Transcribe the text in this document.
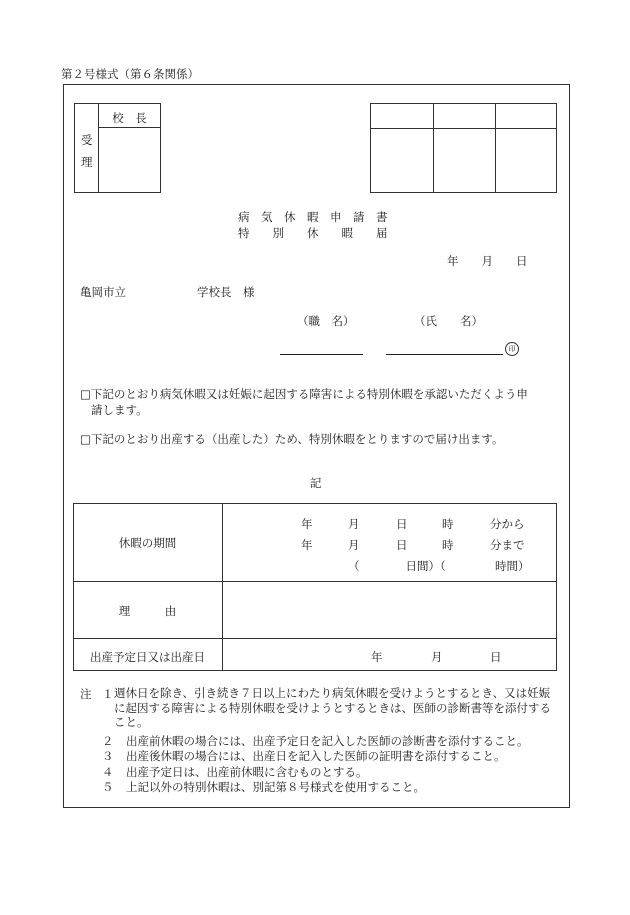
第２号様式（第６条関係）
受
理
校　長
病　気　休　暇　申　請　書
特　　別　　休　　暇　　届
年　　月　　日
亀岡市立	学校長　様
（職　名）	（氏　　名）
印
□下記のとおり病気休暇又は妊娠に起因する障害による特別休暇を承認いただくよう申
請します。
□下記のとおり出産する（出産した）ため、特別休暇をとりますので届け出ます。
記
休暇の期間
年	月	日	時	分から
年	月	日	時	分まで
（　　　　日間）（	時間）
理　　　由
出産予定日又は出産日	年	月	日
注 １ 週休日を除き、引き続き７日以上にわたり病気休暇を受けようとするとき、又は妊娠に起因する障害による特別休暇を受けようとするときは、医師の診断書等を添付すること。
２ 出産前休暇の場合には、出産予定日を記入した医師の診断書を添付すること。
３ 出産後休暇の場合には、出産日を記入した医師の証明書を添付すること。
４ 出産予定日は、出産前休暇に含むものとする。
５ 上記以外の特別休暇は、別記第８号様式を使用すること。
